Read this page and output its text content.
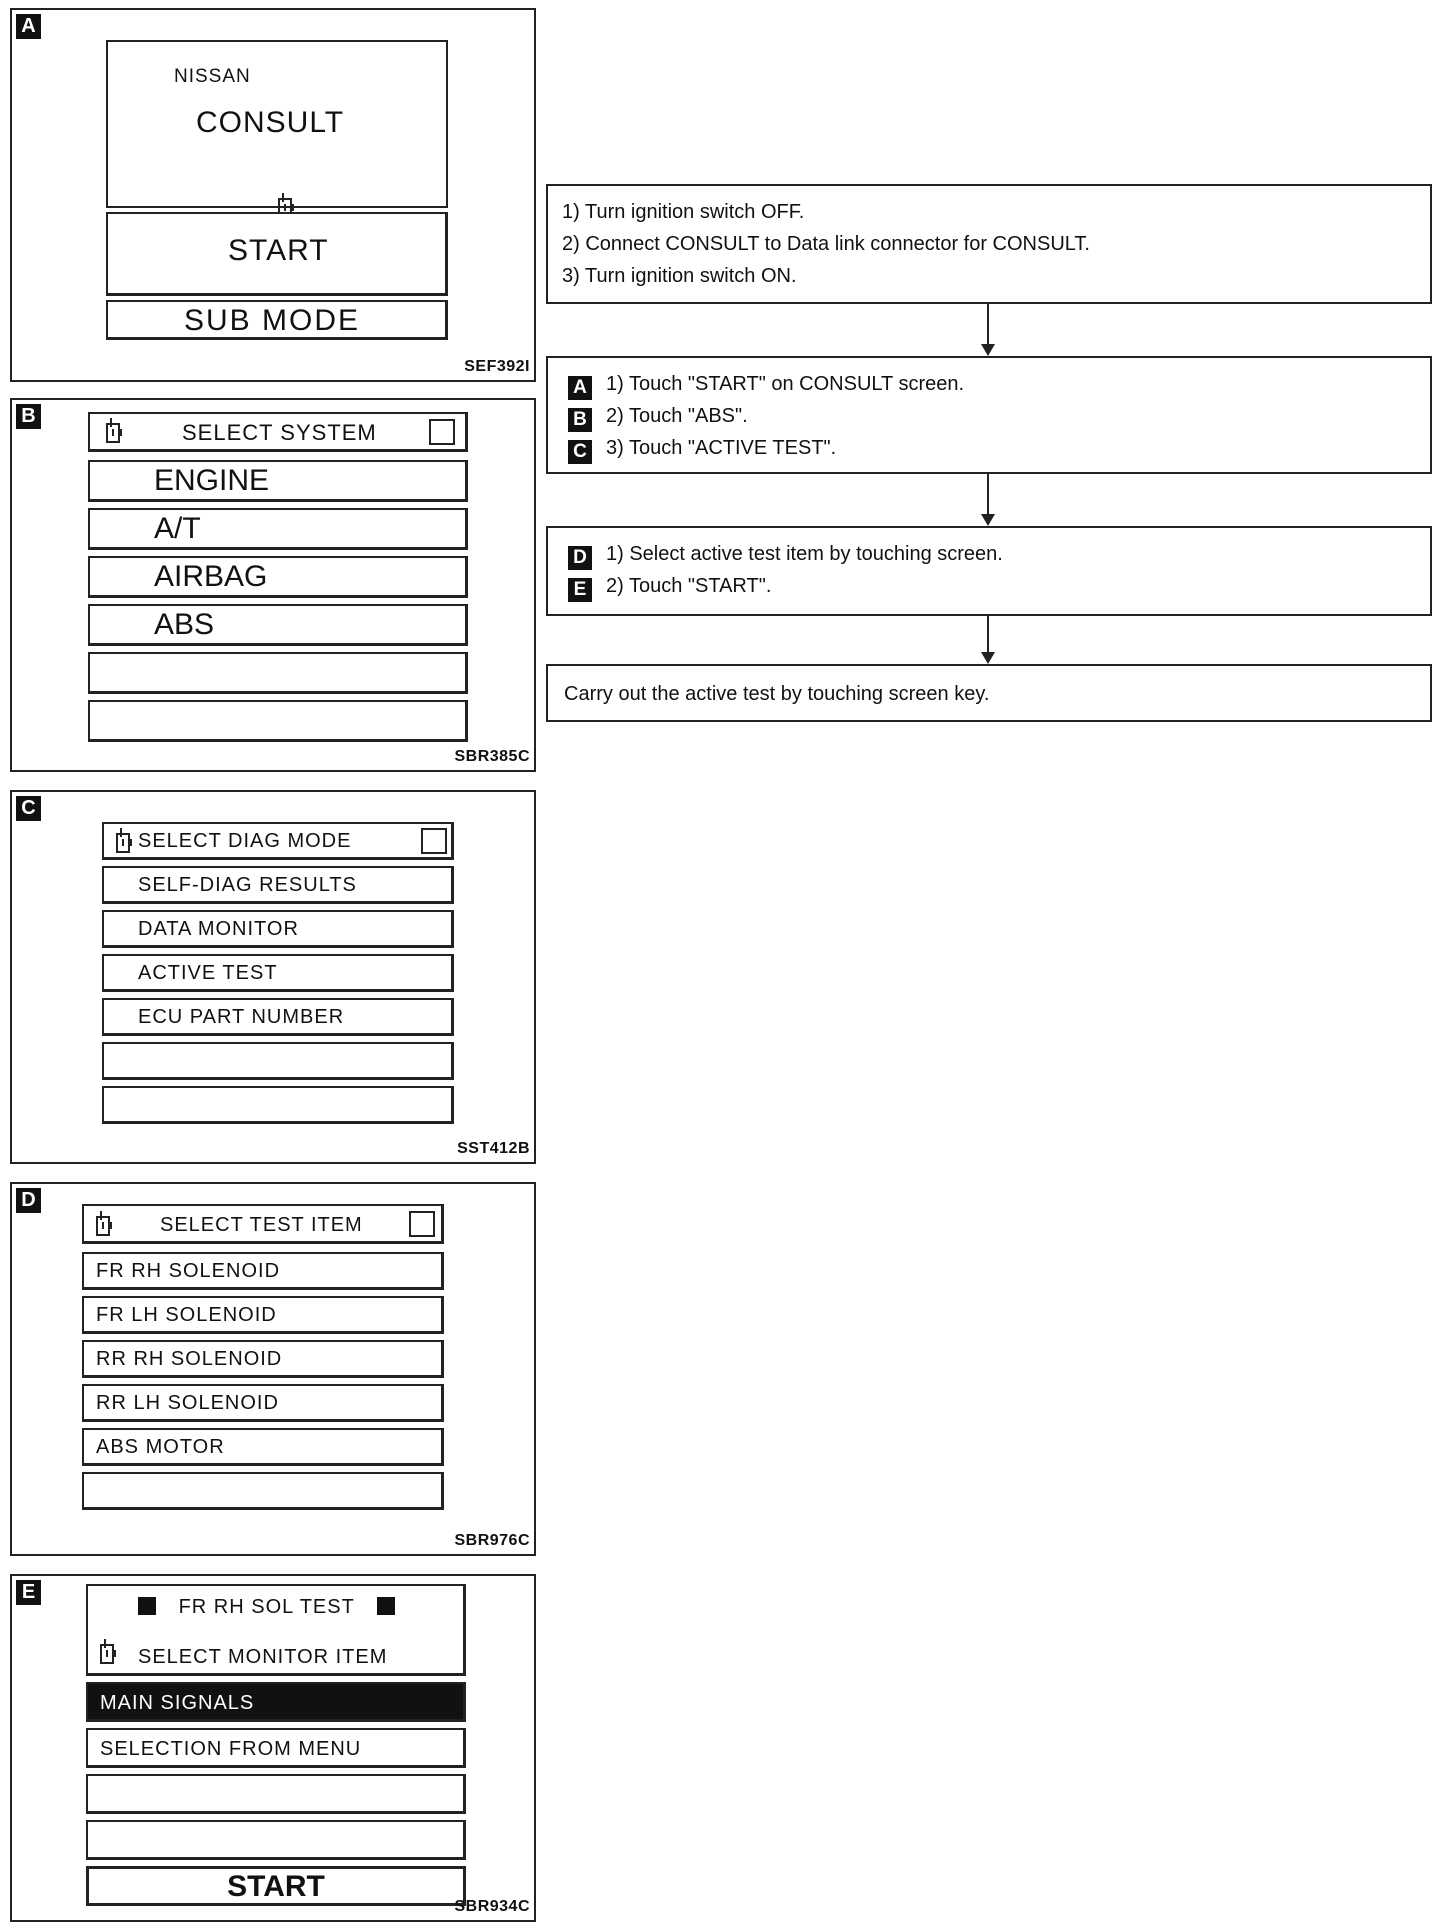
A
NISSAN
CONSULT
START
SUB MODE
SEF392I
B
SELECT SYSTEM
ENGINE
A/T
AIRBAG
ABS
SBR385C
C
SELECT DIAG MODE
SELF-DIAG RESULTS
DATA MONITOR
ACTIVE TEST
ECU PART NUMBER
SST412B
D
SELECT TEST ITEM
FR RH SOLENOID
FR LH SOLENOID
RR RH SOLENOID
RR LH SOLENOID
ABS MOTOR
SBR976C
E
FR RH SOL TEST
SELECT MONITOR ITEM
MAIN SIGNALS
SELECTION FROM MENU
START
SBR934C
1) Turn ignition switch OFF.
2) Connect CONSULT to Data link connector for CONSULT.
3) Turn ignition switch ON.
A 1) Touch "START" on CONSULT screen.
B 2) Touch "ABS".
C 3) Touch "ACTIVE TEST".
D 1) Select active test item by touching screen.
E 2) Touch "START".
Carry out the active test by touching screen key.
